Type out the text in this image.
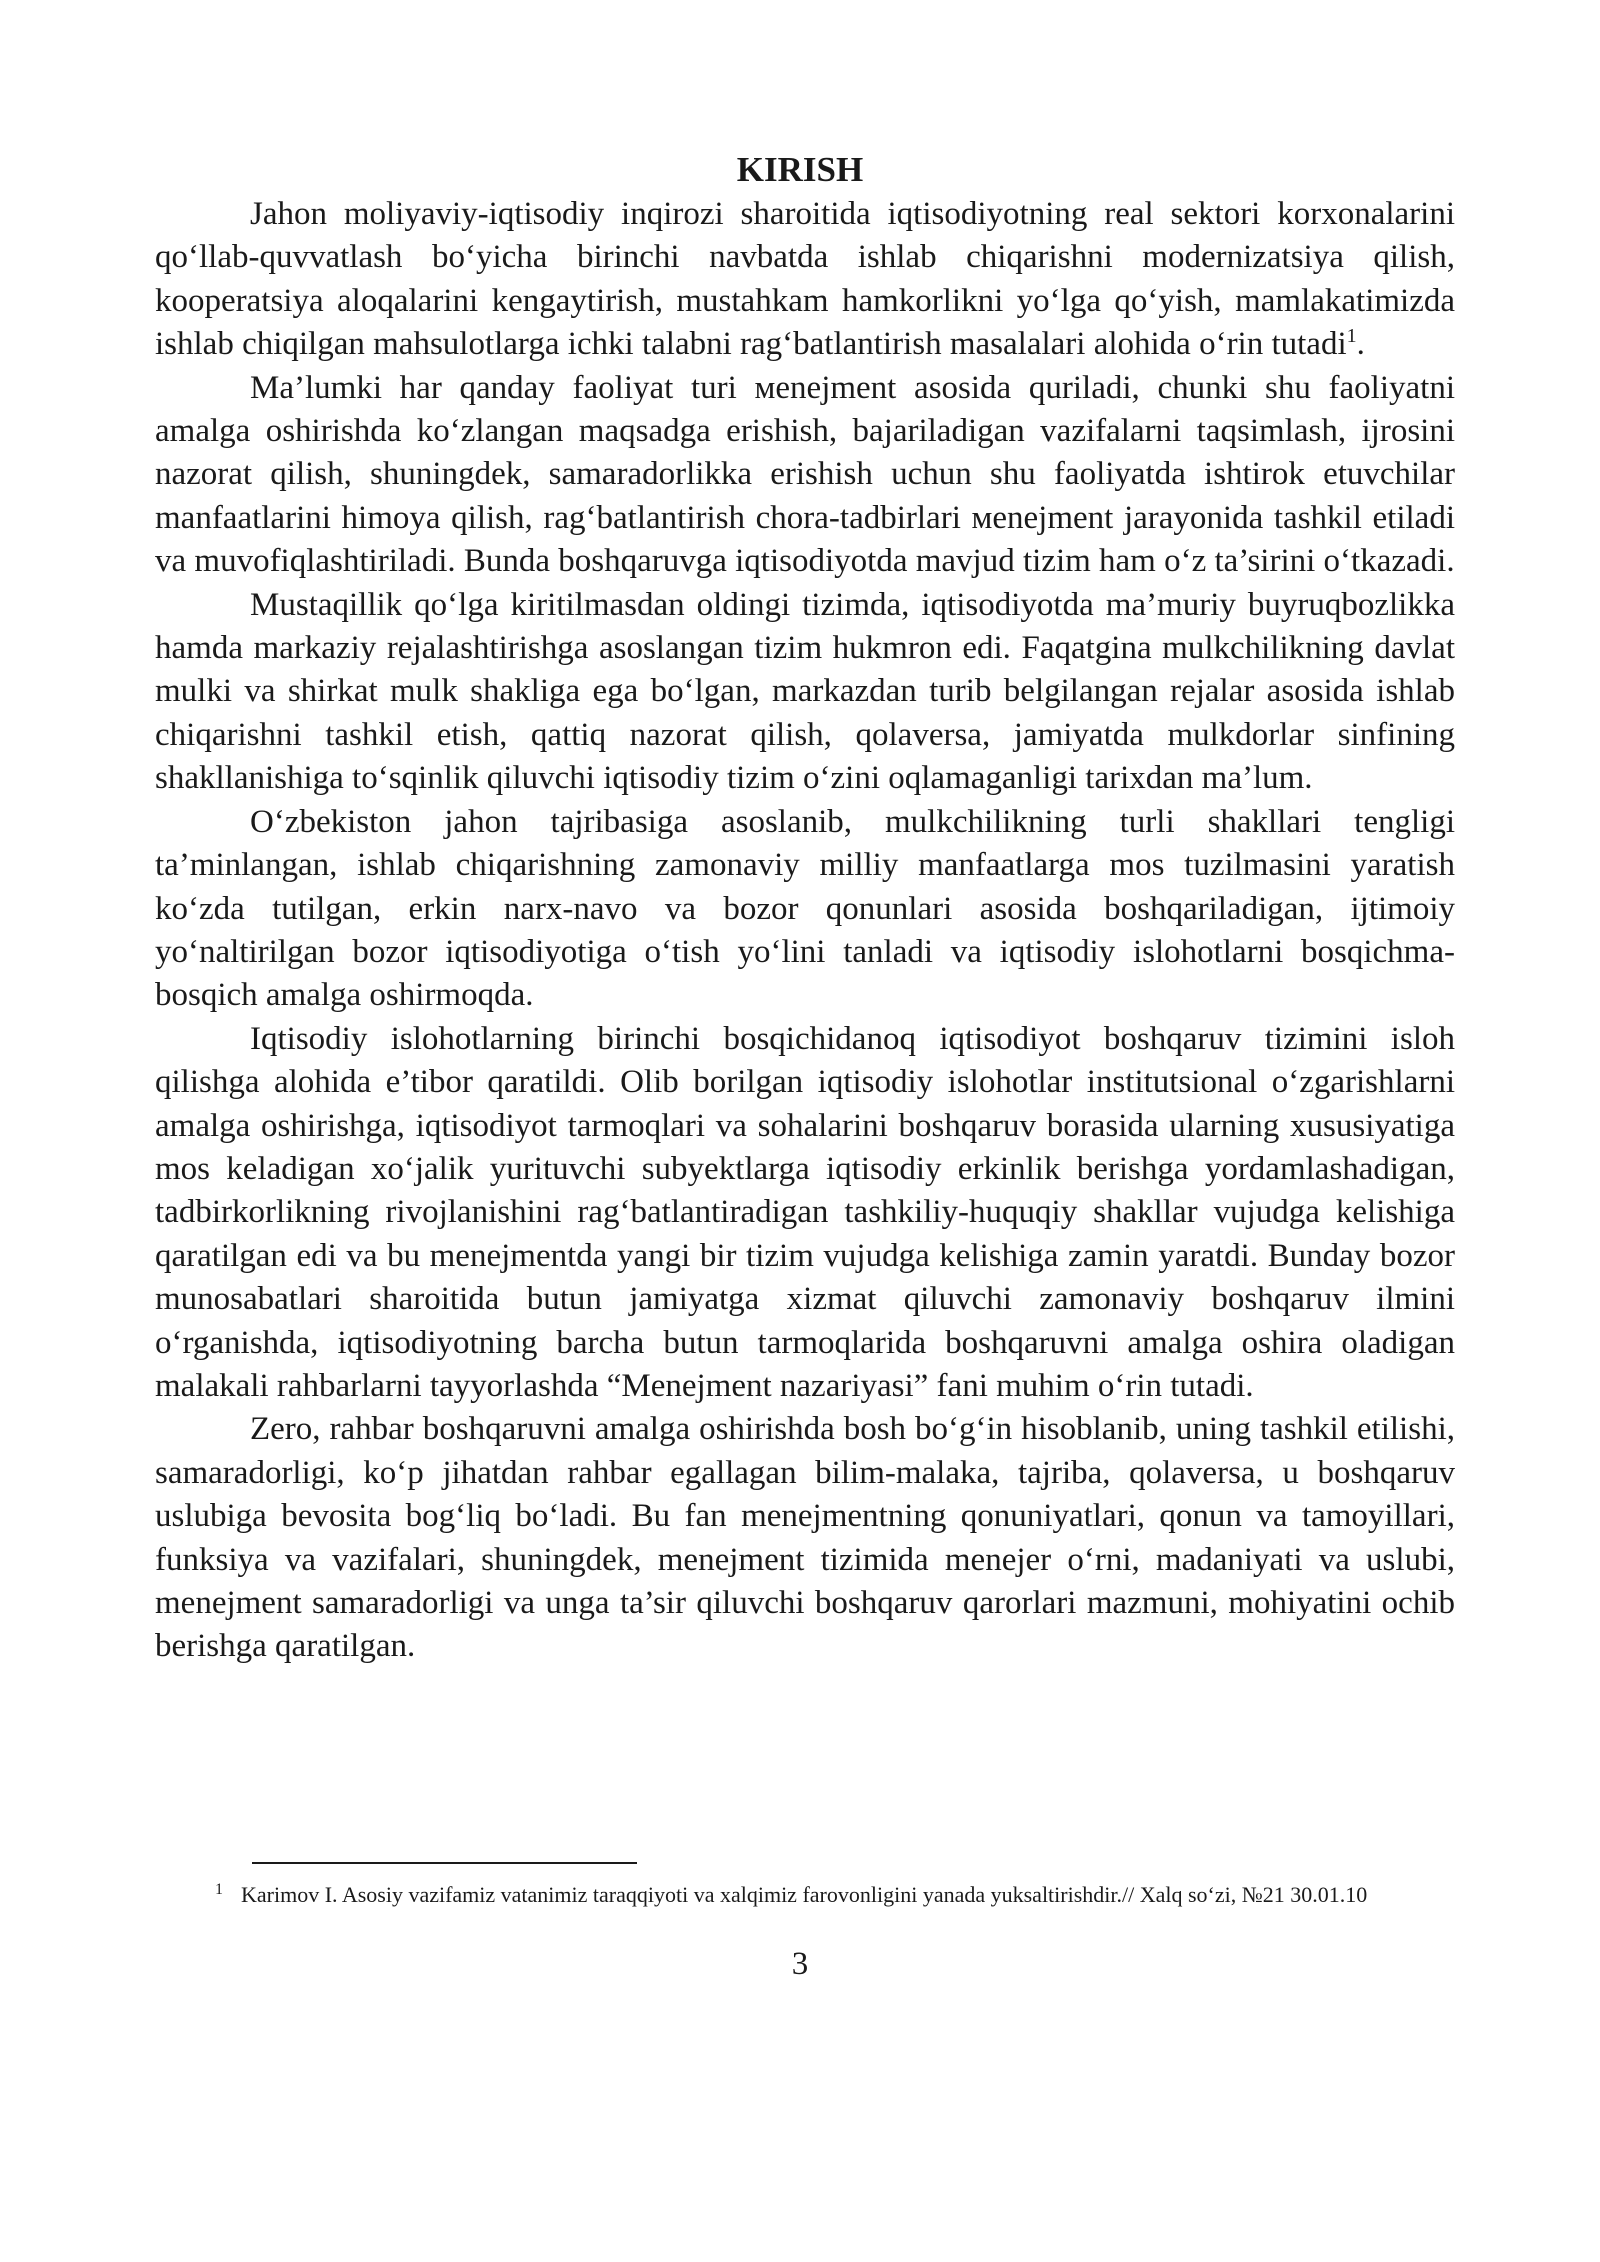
KIRISH

Jahon moliyaviy-iqtisodiy inqirozi sharoitida iqtisodiyotning real sektori korxonalarini qo‘llab-quvvatlash bo‘yicha birinchi navbatda ishlab chiqarishni modernizatsiya qilish, kooperatsiya aloqalarini kengaytirish, mustahkam hamkorlikni yo‘lga qo‘yish, mamlakatimizda ishlab chiqilgan mahsulotlarga ichki talabni rag‘batlantirish masalalari alohida o‘rin tutadi$^1$.

Ma’lumki har qanday faoliyat turi мenejment asosida quriladi, chunki shu faoliyatni amalga oshirishda ko‘zlangan maqsadga erishish, bajariladigan vazifalarni taqsimlash, ijrosini nazorat qilish, shuningdek, samaradorlikka erishish uchun shu faoliyatda ishtirok etuvchilar manfaatlarini himoya qilish, rag‘batlantirish chora-tadbirlari мenejment jarayonida tashkil etiladi va muvofiqlashtiriladi. Bunda boshqaruvga iqtisodiyotda mavjud tizim ham o‘z ta’sirini o‘tkazadi.

Mustaqillik qo‘lga kiritilmasdan oldingi tizimda, iqtisodiyotda ma’muriy buyruqbozlikka hamda markaziy rejalashtirishga asoslangan tizim hukmron edi. Faqatgina mulkchilikning davlat mulki va shirkat mulk shakliga ega bo‘lgan, markazdan turib belgilangan rejalar asosida ishlab chiqarishni tashkil etish, qattiq nazorat qilish, qolaversa, jamiyatda mulkdorlar sinfining shakllanishiga to‘sqinlik qiluvchi iqtisodiy tizim o‘zini oqlamaganligi tarixdan ma’lum.

O‘zbekiston jahon tajribasiga asoslanib, mulkchilikning turli shakllari tengligi ta’minlangan, ishlab chiqarishning zamonaviy milliy manfaatlarga mos tuzilmasini yaratish ko‘zda tutilgan, erkin narx-navo va bozor qonunlari asosida boshqariladigan, ijtimoiy yo‘naltirilgan bozor iqtisodiyotiga o‘tish yo‘lini tanladi va iqtisodiy islohotlarni bosqichma-bosqich amalga oshirmoqda.

Iqtisodiy islohotlarning birinchi bosqichidanoq iqtisodiyot boshqaruv tizimini isloh qilishga alohida e’tibor qaratildi. Olib borilgan iqtisodiy islohotlar institutsional o‘zgarishlarni amalga oshirishga, iqtisodiyot tarmoqlari va sohalarini boshqaruv borasida ularning xususiyatiga mos keladigan xo‘jalik yurituvchi subyektlarga iqtisodiy erkinlik berishga yordamlashadigan, tadbirkorlikning rivojlanishini rag‘batlantiradigan tashkiliy-huquqiy shakllar vujudga kelishiga qaratilgan edi va bu menejmentda yangi bir tizim vujudga kelishiga zamin yaratdi. Bunday bozor munosabatlari sharoitida butun jamiyatga xizmat qiluvchi zamonaviy boshqaruv ilmini o‘rganishda, iqtisodiyotning barcha butun tarmoqlarida boshqaruvni amalga oshira oladigan malakali rahbarlarni tayyorlashda “Menejment nazariyasi” fani muhim o‘rin tutadi.

Zero, rahbar boshqaruvni amalga oshirishda bosh bo‘g‘in hisoblanib, uning tashkil etilishi, samaradorligi, ko‘p jihatdan rahbar egallagan bilim-malaka, tajriba, qolaversa, u boshqaruv uslubiga bevosita bog‘liq bo‘ladi. Bu fan menejmentning qonuniyatlari, qonun va tamoyillari, funksiya va vazifalari, shuningdek, menejment tizimida menejer o‘rni, madaniyati va uslubi, menejment samaradorligi va unga ta’sir qiluvchi boshqaruv qarorlari mazmuni, mohiyatini ochib berishga qaratilgan.

$^1$ Karimov I. Asosiy vazifamiz vatanimiz taraqqiyoti va xalqimiz farovonligini yanada yuksaltirishdir.// Xalq so‘zi, №21 30.01.10

3
